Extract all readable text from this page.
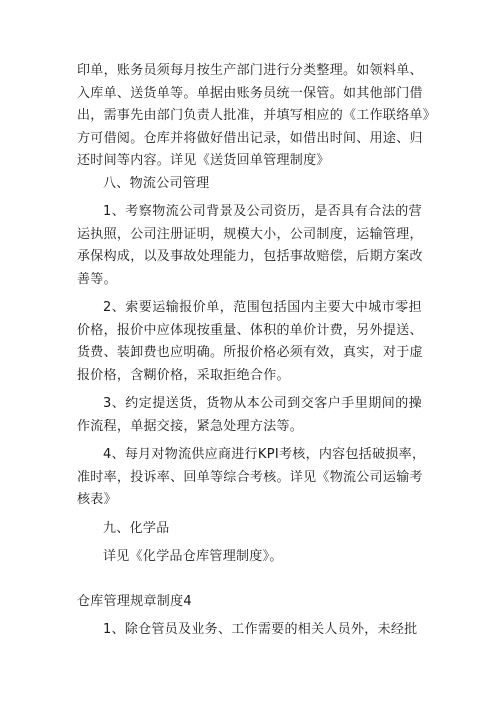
印单，账务员须每月按生产部门进行分类整理。如领料单、
入库单、送货单等。单据由账务员统一保管。如其他部门借
出，需事先由部门负责人批准，并填写相应的《工作联络单》
方可借阅。仓库并将做好借出记录，如借出时间、用途、归
还时间等内容。详见《送货回单管理制度》

八、物流公司管理

1、考察物流公司背景及公司资历，是否具有合法的营
运执照，公司注册证明，规模大小，公司制度，运输管理，
承保构成，以及事故处理能力，包括事故赔偿，后期方案改
善等。

2、索要运输报价单，范围包括国内主要大中城市零担
价格，报价中应体现按重量、体积的单价计费，另外提送、
货费、装卸费也应明确。所报价格必须有效，真实，对于虚
报价格，含糊价格，采取拒绝合作。

3、约定提送货，货物从本公司到交客户手里期间的操
作流程，单据交接，紧急处理方法等。

4、每月对物流供应商进行KPI考核，内容包括破损率，
准时率，投诉率、回单等综合考核。详见《物流公司运输考
核表》

九、化学品

详见《化学品仓库管理制度》。

仓库管理规章制度4

1、除仓管员及业务、工作需要的相关人员外，未经批
